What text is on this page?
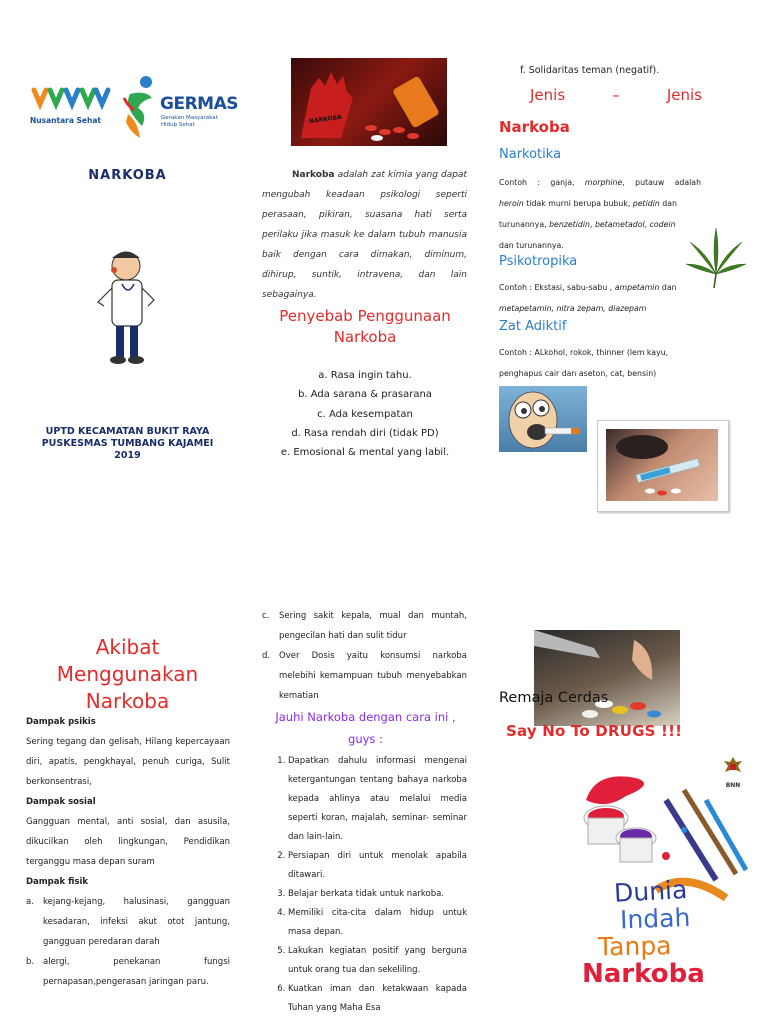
Nusantara Sehat
GERMAS
Gerakan Masyarakat
Hidup Sehat
NARKOBA
UPTD KECAMATAN BUKIT RAYA
PUSKESMAS TUMBANG KAJAMEI
2019
NARKOBA
Narkoba adalah zat kimia yang dapat mengubah keadaan psikologi seperti perasaan, pikiran, suasana hati serta perilaku jika masuk ke dalam tubuh manusia baik dengan cara dimakan, diminum, dihirup, suntik, intravena, dan lain sebagainya.
Penyebab Penggunaan
Narkoba
a. Rasa ingin tahu.
b. Ada sarana & prasarana
c. Ada kesempatan
d. Rasa rendah diri (tidak PD)
e. Emosional & mental yang labil.
f. Solidaritas teman (negatif).
Jenis	–	Jenis
Narkoba
Narkotika
Contoh : ganja, morphine, putauw adalah
heroin tidak murni berupa bubuk, petidin dan
turunannya, benzetidin, betametadol, codein
dan turunannya.
Psikotropika
Contoh : Ekstasi, sabu-sabu , ampetamin dan
metapetamin, nitra zepam, diazepam
Zat Adiktif
Contoh : ALkohol, rokok, thinner (lem kayu,
penghapus cair dan aseton, cat, bensin)
Akibat
Menggunakan
Narkoba
Dampak psikis
Sering tegang dan gelisah, Hilang kepercayaan diri, apatis, pengkhayal, penuh curiga, Sulit berkonsentrasi,
Dampak sosial
Gangguan mental, anti sosial, dan asusila, dikucilkan oleh lingkungan, Pendidikan terganggu masa depan suram
Dampak fisik
a.	kejang-kejang, halusinasi, gangguan kesadaran, infeksi akut otot jantung, gangguan peredaran darah
b.	alergi, penekanan fungsi pernapasan,pengerasan jaringan paru.
c.	Sering sakit kepala, mual dan muntah, pengecilan hati dan sulit tidur
d.	Over Dosis yaitu konsumsi narkoba melebihi kemampuan tubuh menyebabkan kematian
Jauhi Narkoba dengan cara ini ,
guys :
1. Dapatkan dahulu informasi mengenai ketergantungan tentang bahaya narkoba kepada ahlinya atau melalui media seperti koran, majalah, seminar- seminar dan lain-lain.
2. Persiapan diri untuk menolak apabila ditawari.
3. Belajar berkata tidak untuk narkoba.
4. Memiliki cita-cita dalam hidup untuk masa depan.
5. Lakukan kegiatan positif yang berguna untuk orang tua dan sekeliling.
6. Kuatkan iman dan ketakwaan kapada Tuhan yang Maha Esa
Remaja Cerdas
Say No To DRUGS !!!
BNN
Dunia
Indah
Tanpa
Narkoba
